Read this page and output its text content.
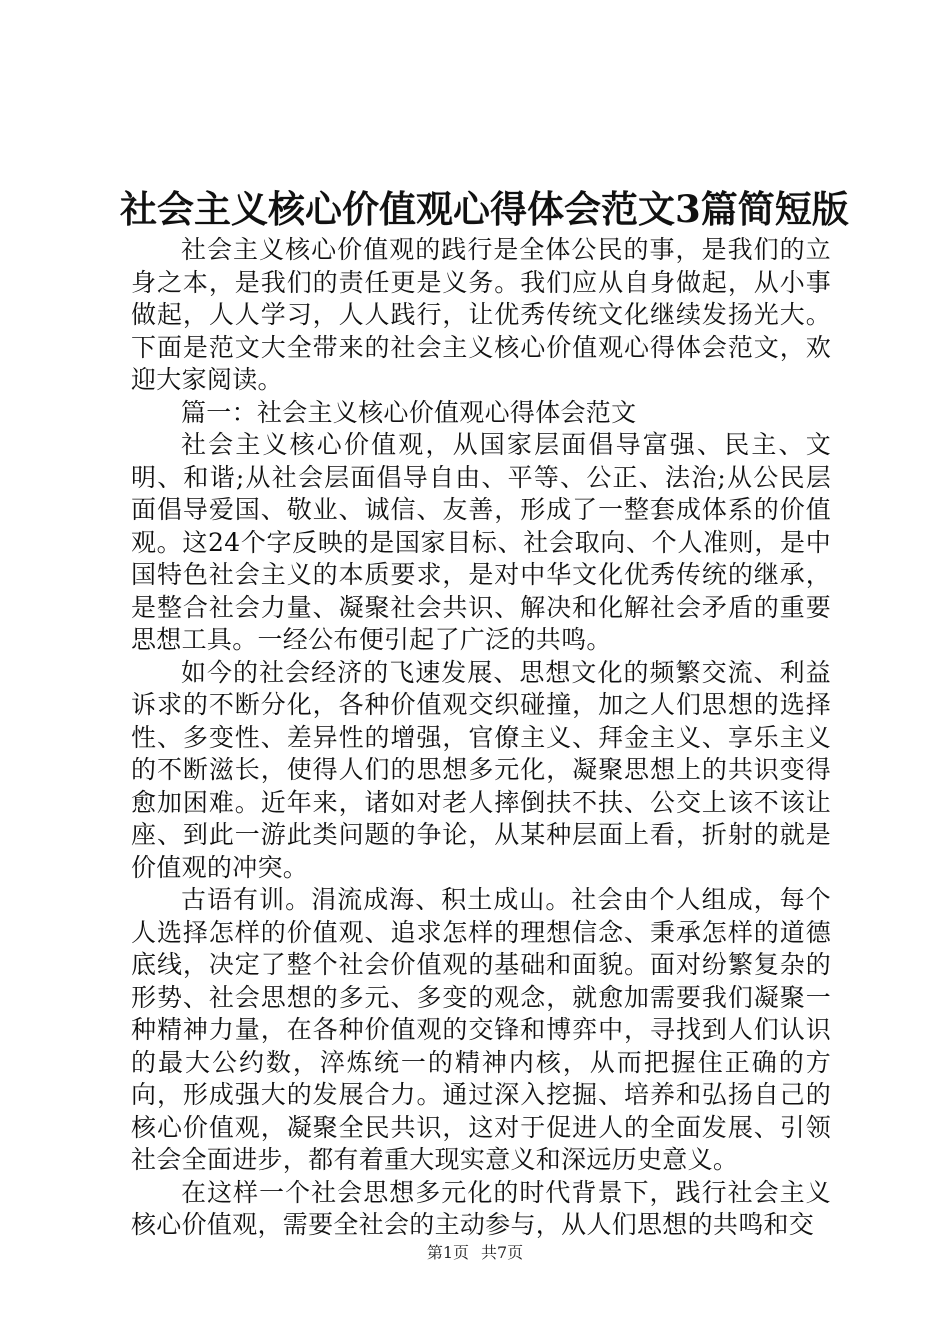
社会主义核心价值观心得体会范文3篇简短版

社会主义核心价值观的践行是全体公民的事，是我们的立身之本，是我们的责任更是义务。我们应从自身做起，从小事做起，人人学习，人人践行，让优秀传统文化继续发扬光大。下面是范文大全带来的社会主义核心价值观心得体会范文，欢迎大家阅读。

篇一：社会主义核心价值观心得体会范文

社会主义核心价值观，从国家层面倡导富强、民主、文明、和谐;从社会层面倡导自由、平等、公正、法治;从公民层面倡导爱国、敬业、诚信、友善，形成了一整套成体系的价值观。这24个字反映的是国家目标、社会取向、个人准则，是中国特色社会主义的本质要求，是对中华文化优秀传统的继承，是整合社会力量、凝聚社会共识、解决和化解社会矛盾的重要思想工具。一经公布便引起了广泛的共鸣。

如今的社会经济的飞速发展、思想文化的频繁交流、利益诉求的不断分化，各种价值观交织碰撞，加之人们思想的选择性、多变性、差异性的增强，官僚主义、拜金主义、享乐主义的不断滋长，使得人们的思想多元化，凝聚思想上的共识变得愈加困难。近年来，诸如对老人摔倒扶不扶、公交上该不该让座、到此一游此类问题的争论，从某种层面上看，折射的就是价值观的冲突。

古语有训。涓流成海、积土成山。社会由个人组成，每个人选择怎样的价值观、追求怎样的理想信念、秉承怎样的道德底线，决定了整个社会价值观的基础和面貌。面对纷繁复杂的形势、社会思想的多元、多变的观念，就愈加需要我们凝聚一种精神力量，在各种价值观的交锋和博弈中，寻找到人们认识的最大公约数，淬炼统一的精神内核，从而把握住正确的方向，形成强大的发展合力。通过深入挖掘、培养和弘扬自己的核心价值观，凝聚全民共识，这对于促进人的全面发展、引领社会全面进步，都有着重大现实意义和深远历史意义。

在这样一个社会思想多元化的时代背景下，践行社会主义核心价值观，需要全社会的主动参与，从人们思想的共鸣和交

第1页 共7页
